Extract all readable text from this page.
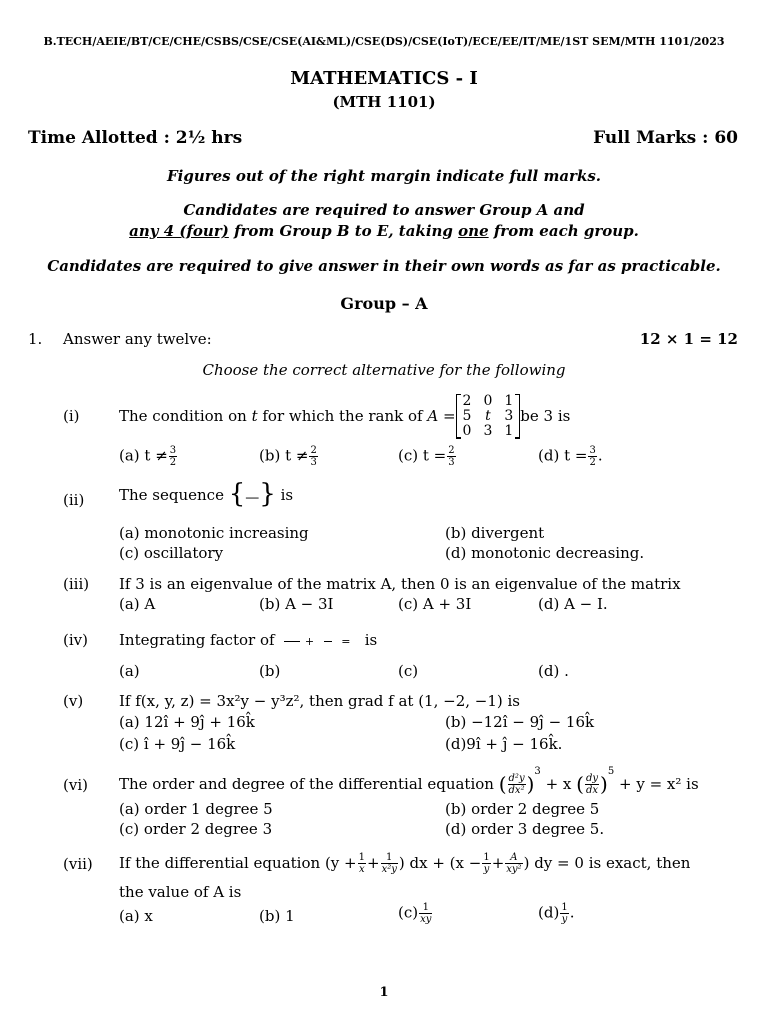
B.TECH/AEIE/BT/CE/CHE/CSBS/CSE/CSE(AI&ML)/CSE(DS)/CSE(IoT)/ECE/EE/IT/ME/1ST SEM/MTH 1101/2023
MATHEMATICS - I
(MTH 1101)
Time Allotted : 2½ hrs	Full Marks : 60
Figures out of the right margin indicate full marks.
Candidates are required to answer Group A and
any 4 (four) from Group B to E, taking one from each group.
Candidates are required to give answer in their own words as far as practicable.
Group – A
1. Answer any twelve:	12 × 1 = 12
Choose the correct alternative for the following
(i)	The condition on
t
for which the rank of
A =
2	0	1
5	t	3
0	3	1
be 3 is
(a) $t \ne \frac{3}{2}$	(b) $t \ne \frac{2}{3}$	(c) $t = \frac{2}{3}$	(d) $t = \frac{3}{2}$ .
(ii) The sequence {—} is
(a) monotonic increasing	(b) divergent
(c) oscillatory	(d) monotonic decreasing.
(iii) If 3 is an eigenvalue of the matrix A, then 0 is an eigenvalue of the matrix
(a) A	(b) A − 3I	(c) A + 3I	(d) A − I.
(iv) Integrating factor of	+ = is
(a)	(b)	(c)	(d) .
(v) If f(x, y, z) = 3x²y − y³z², then grad f at (1, −2, −1) is
(a) 12î + 9ĵ + 16k̂	(b) −12î − 9ĵ − 16k̂
(c) î + 9ĵ − 16k̂	(d)9î + ĵ − 16k̂.
(vi) The order and degree of the differential equation
( $\frac{\text{d²y}}{\text{dx²}}$ )
$^3$

+ x
( $\frac{dy}{dx}$ )
$^5$

+ y = x² is
(a) order 1 degree 5	(b) order 2 degree 5
(c) order 2 degree 3	(d) order 3 degree 5.
(vii) If the differential equation
($y + \frac{1}{x} + \frac{1}{\text{x²y}}$ ) dx + ($x - \frac{1}{y} + \frac{A}{\text{xy²}}$ ) dy = 0 is exact, then
the value of A is
(a) x	(b) 1	$(c) \frac{1}{xy}$	$(d) \frac{1}{y}$ .
1
